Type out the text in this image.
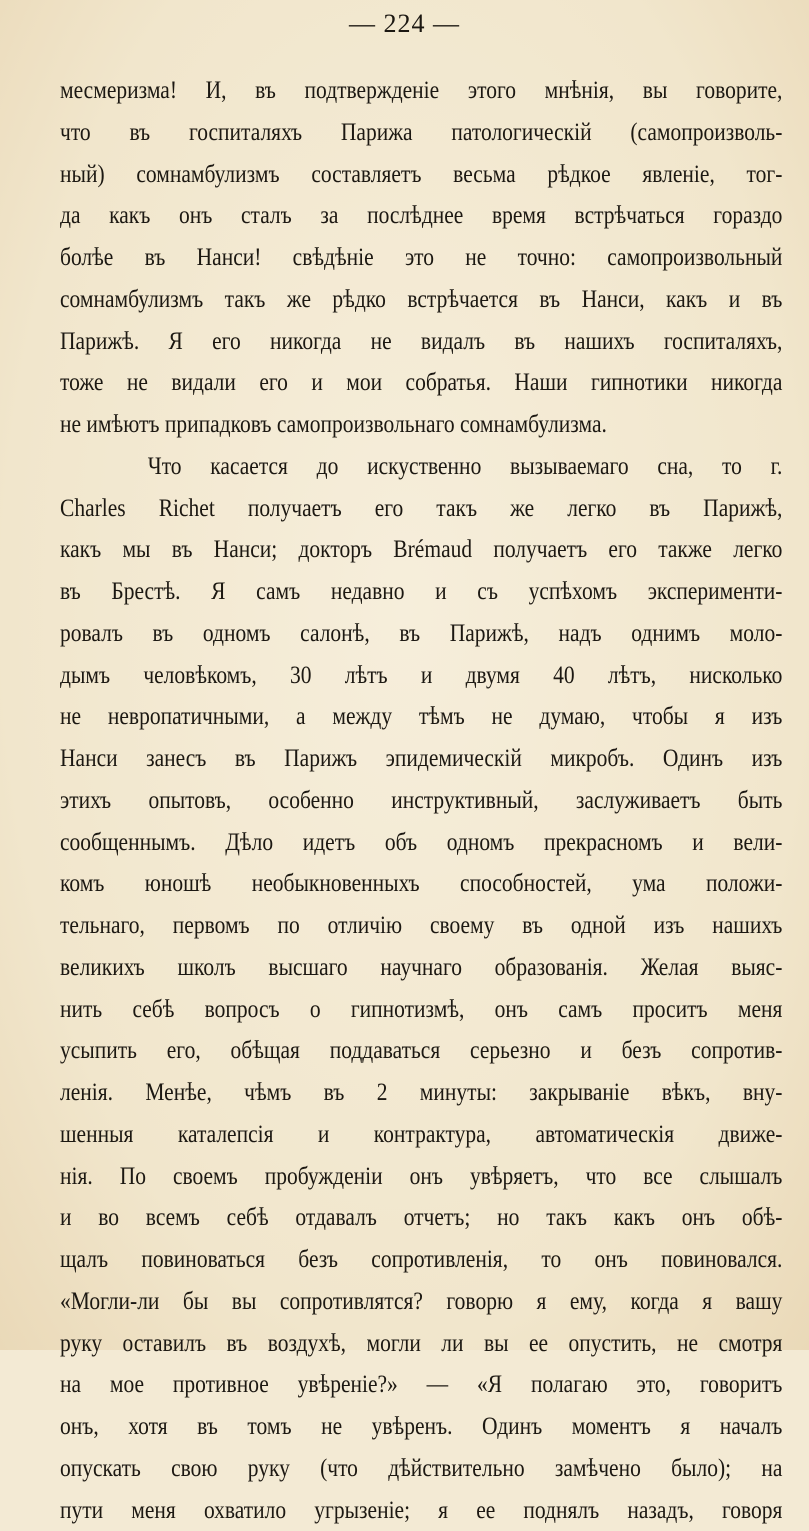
— 224 —
месмеризма! И, въ подтвержденіе этого мнѣнія, вы говорите,
что въ госпиталяхъ Парижа патологическій (самопроизволь-
ный) сомнамбулизмъ составляетъ весьма рѣдкое явленіе, тог-
да какъ онъ сталъ за послѣднее время встрѣчаться гораздо
болѣе въ Нанси! свѣдѣніе это не точно: самопроизвольный
сомнамбулизмъ такъ же рѣдко встрѣчается въ Нанси, какъ и въ
Парижѣ. Я его никогда не видалъ въ нашихъ госпиталяхъ,
тоже не видали его и мои собратья. Наши гипнотики никогда
не имѣютъ припадковъ самопроизвольнаго сомнамбулизма.
Что касается до искуственно вызываемаго сна, то г.
Charles Richet получаетъ его такъ же легко въ Парижѣ,
какъ мы въ Нанси; докторъ Brémaud получаетъ его также легко
въ Брестѣ. Я самъ недавно и съ успѣхомъ эксперименти-
ровалъ въ одномъ салонѣ, въ Парижѣ, надъ однимъ моло-
дымъ человѣкомъ, 30 лѣтъ и двумя 40 лѣтъ, нисколько
не невропатичными, а между тѣмъ не думаю, чтобы я изъ
Нанси занесъ въ Парижъ эпидемическій микробъ. Одинъ изъ
этихъ опытовъ, особенно инструктивный, заслуживаетъ быть
сообщеннымъ. Дѣло идетъ объ одномъ прекрасномъ и вели-
комъ юношѣ необыкновенныхъ способностей, ума положи-
тельнаго, первомъ по отличію своему въ одной изъ нашихъ
великихъ школъ высшаго научнаго образованія. Желая выяс-
нить себѣ вопросъ о гипнотизмѣ, онъ самъ проситъ меня
усыпить его, обѣщая поддаваться серьезно и безъ сопротив-
ленія. Менѣе, чѣмъ въ 2 минуты: закрываніе вѣкъ, вну-
шенныя каталепсія и контрактура, автоматическія движе-
нія. По своемъ пробужденіи онъ увѣряетъ, что все слышалъ
и во всемъ себѣ отдавалъ отчетъ; но такъ какъ онъ обѣ-
щалъ повиноваться безъ сопротивленія, то онъ повиновался.
«Могли-ли бы вы сопротивлятся? говорю я ему, когда я вашу
руку оставилъ въ воздухѣ, могли ли вы ее опустить, не смотря
на мое противное увѣреніе?» — «Я полагаю это, говоритъ
онъ, хотя въ томъ не увѣренъ. Одинъ моментъ я началъ
опускать свою руку (что дѣйствительно замѣчено было); на
пути меня охватило угрызеніе; я ее поднялъ назадъ, говоря
